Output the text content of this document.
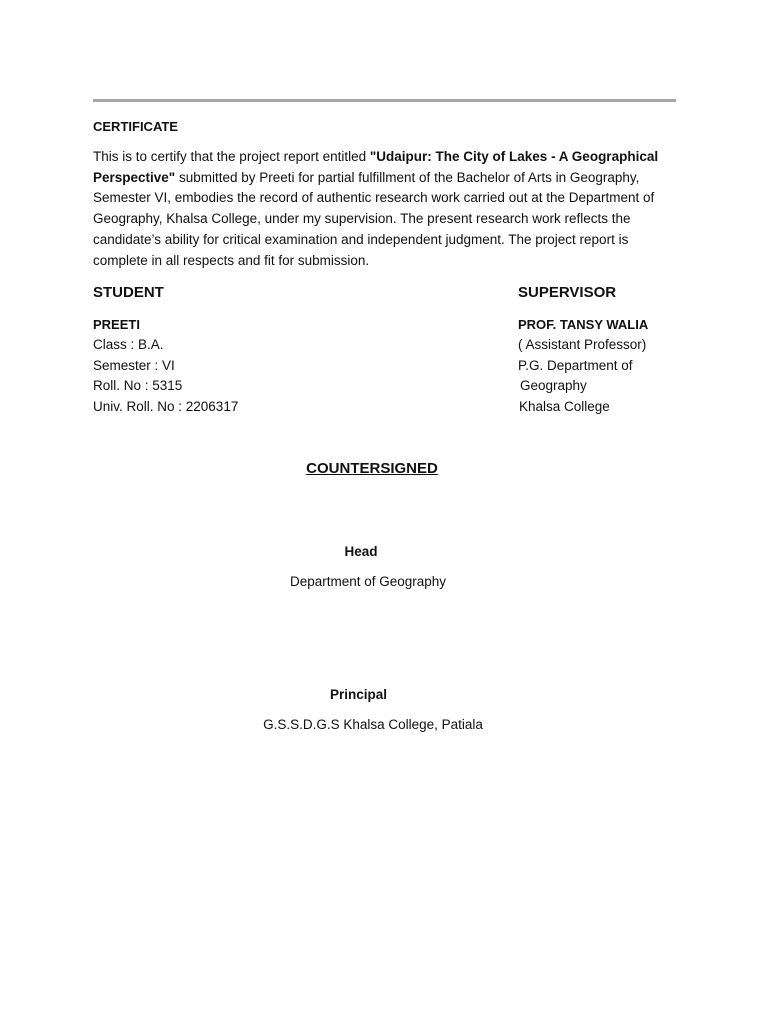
CERTIFICATE
This is to certify that the project report entitled "Udaipur: The City of Lakes - A Geographical Perspective" submitted by Preeti for partial fulfillment of the Bachelor of Arts in Geography, Semester VI, embodies the record of authentic research work carried out at the Department of Geography, Khalsa College, under my supervision. The present research work reflects the candidate’s ability for critical examination and independent judgment. The project report is complete in all respects and fit for submission.
STUDENT
PREETI
Class : B.A.
Semester : VI
Roll. No : 5315
Univ. Roll. No : 2206317
SUPERVISOR
PROF. TANSY WALIA
( Assistant Professor)
P.G. Department of
Geography
Khalsa College
COUNTERSIGNED
Head
Department of Geography
Principal
G.S.S.D.G.S Khalsa College, Patiala
